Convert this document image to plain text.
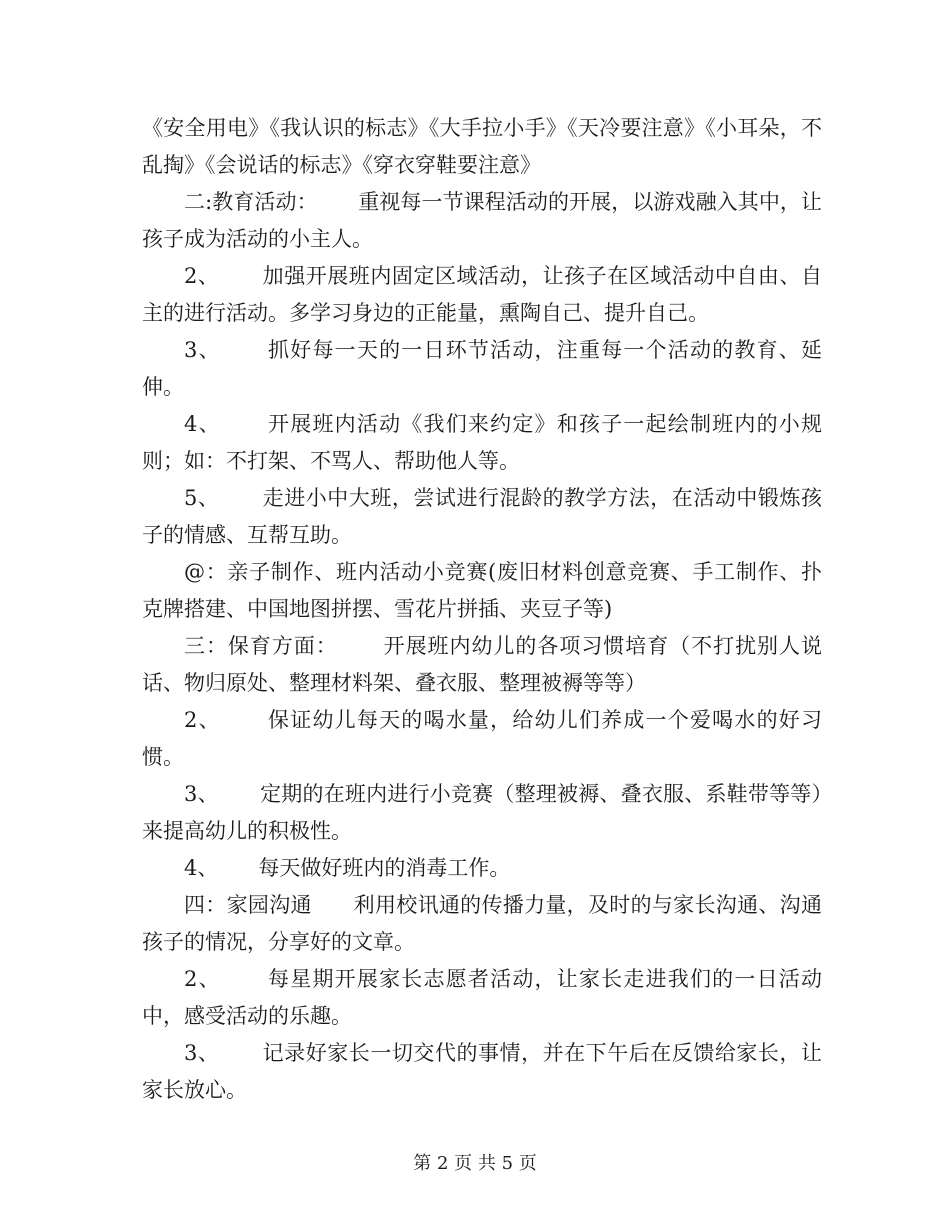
《安全用电》《我认识的标志》《大手拉小手》《天冷要注意》《小耳朵，不乱掏》《会说话的标志》《穿衣穿鞋要注意》

二:教育活动：      重视每一节课程活动的开展，以游戏融入其中，让孩子成为活动的小主人。

2、      加强开展班内固定区域活动，让孩子在区域活动中自由、自主的进行活动。多学习身边的正能量，熏陶自己、提升自己。

3、      抓好每一天的一日环节活动，注重每一个活动的教育、延伸。

4、      开展班内活动《我们来约定》和孩子一起绘制班内的小规则；如：不打架、不骂人、帮助他人等。

5、      走进小中大班，尝试进行混龄的教学方法，在活动中锻炼孩子的情感、互帮互助。

@：亲子制作、班内活动小竞赛(废旧材料创意竞赛、手工制作、扑克牌搭建、中国地图拼摆、雪花片拼插、夹豆子等)

三：保育方面：      开展班内幼儿的各项习惯培育（不打扰别人说话、物归原处、整理材料架、叠衣服、整理被褥等等）

2、      保证幼儿每天的喝水量，给幼儿们养成一个爱喝水的好习惯。

3、      定期的在班内进行小竞赛（整理被褥、叠衣服、系鞋带等等）来提高幼儿的积极性。

4、      每天做好班内的消毒工作。

四：家园沟通      利用校讯通的传播力量，及时的与家长沟通、沟通孩子的情况，分享好的文章。

2、      每星期开展家长志愿者活动，让家长走进我们的一日活动中，感受活动的乐趣。

3、      记录好家长一切交代的事情，并在下午后在反馈给家长，让家长放心。

第 2 页 共 5 页
